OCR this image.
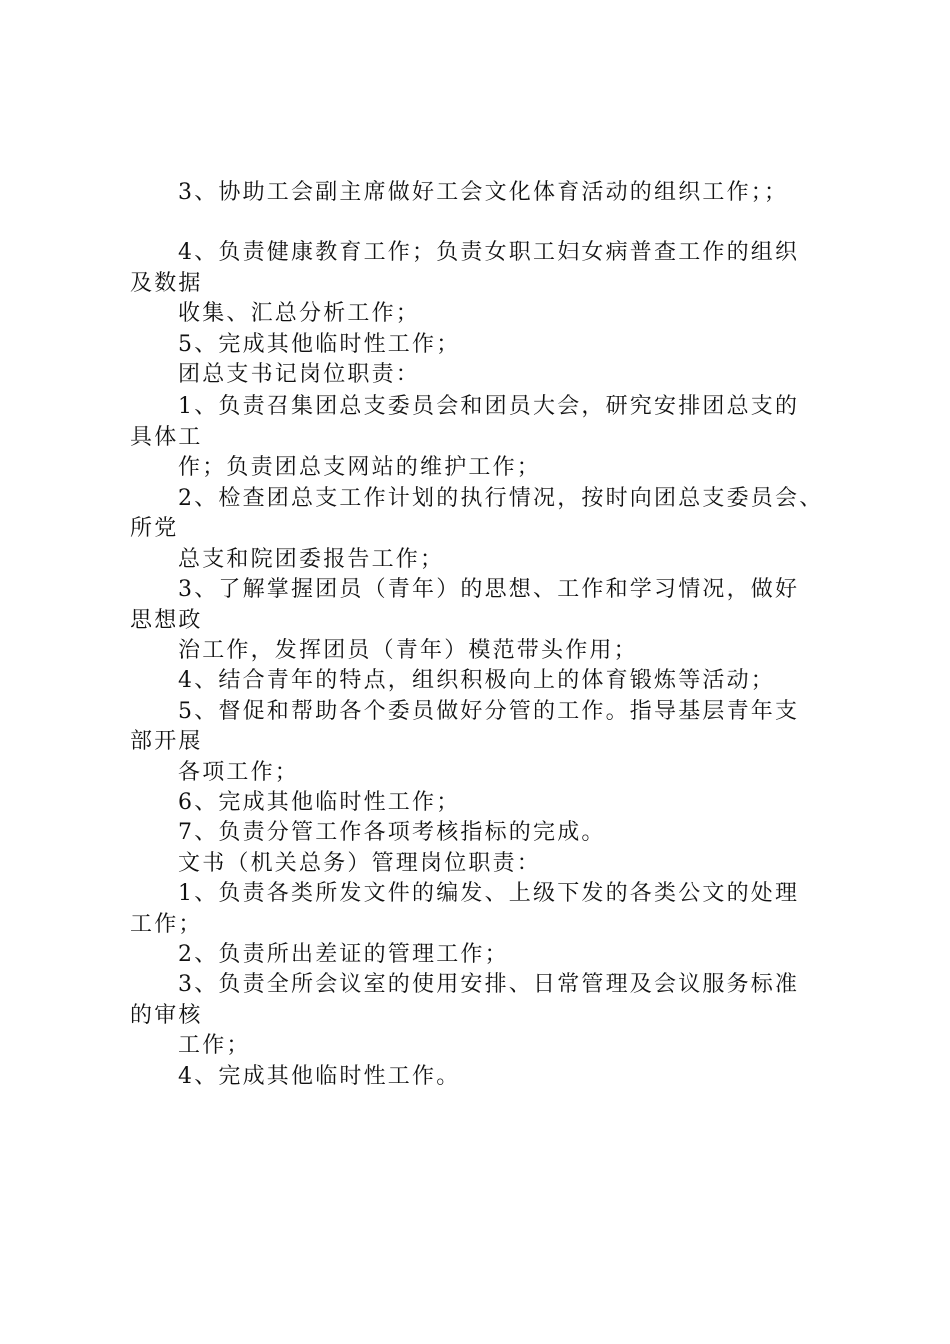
3、协助工会副主席做好工会文化体育活动的组织工作；；

4、负责健康教育工作；负责女职工妇女病普查工作的组织

及数据

收集、汇总分析工作；

5、完成其他临时性工作；

团总支书记岗位职责：

1、负责召集团总支委员会和团员大会，研究安排团总支的

具体工

作；负责团总支网站的维护工作；

2、检查团总支工作计划的执行情况，按时向团总支委员会、

所党

总支和院团委报告工作；

3、了解掌握团员（青年）的思想、工作和学习情况，做好

思想政

治工作，发挥团员（青年）模范带头作用；

4、结合青年的特点，组织积极向上的体育锻炼等活动；

5、督促和帮助各个委员做好分管的工作。指导基层青年支

部开展

各项工作；

6、完成其他临时性工作；

7、负责分管工作各项考核指标的完成。

文书（机关总务）管理岗位职责：

1、负责各类所发文件的编发、上级下发的各类公文的处理

工作；

2、负责所出差证的管理工作；

3、负责全所会议室的使用安排、日常管理及会议服务标准

的审核

工作；

4、完成其他临时性工作。
